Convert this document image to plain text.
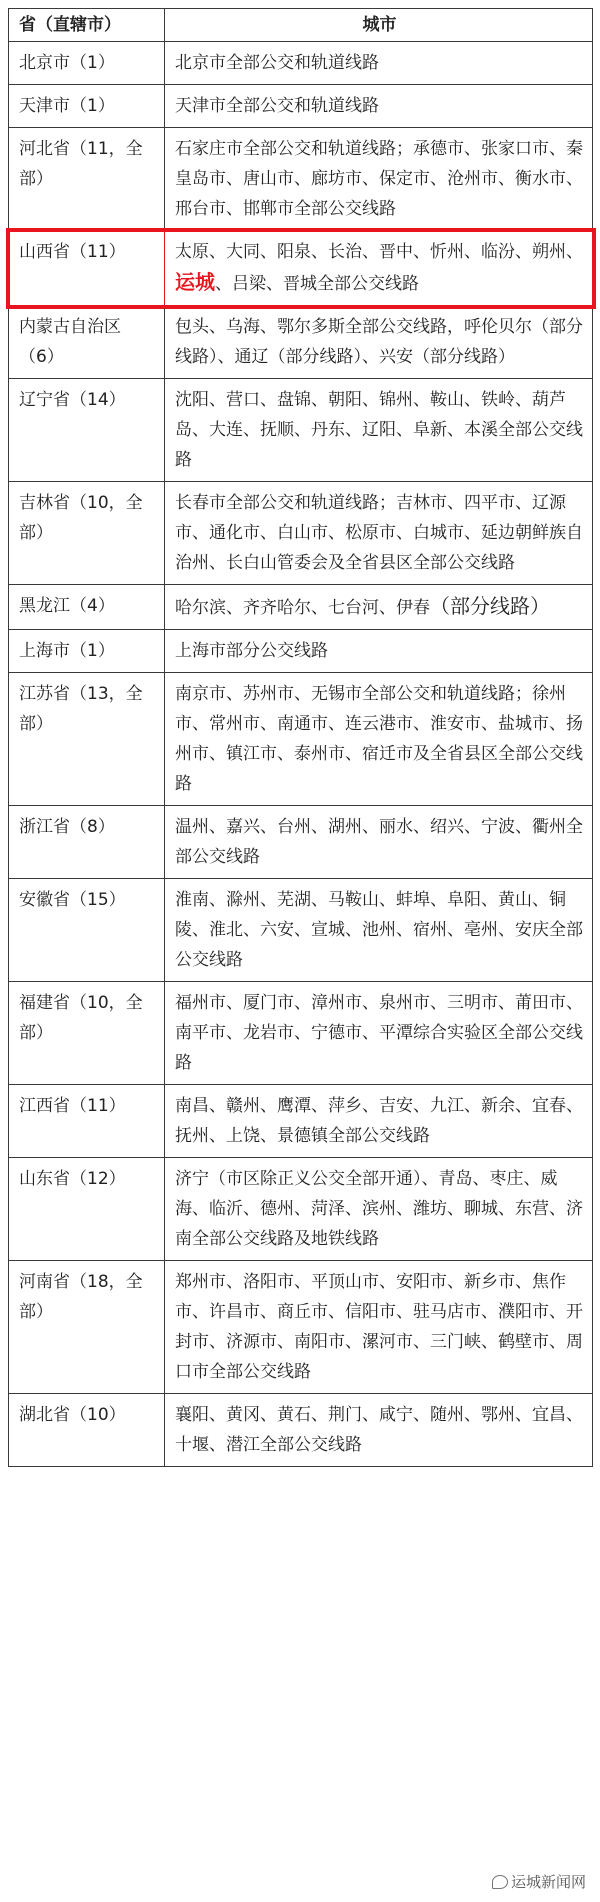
省（直辖市）	城市
北京市（1）	北京市全部公交和轨道线路
天津市（1）	天津市全部公交和轨道线路
河北省（11，全部）	石家庄市全部公交和轨道线路；承德市、张家口市、秦皇岛市、唐山市、廊坊市、保定市、沧州市、衡水市、邢台市、邯郸市全部公交线路
山西省（11）	太原、大同、阳泉、长治、晋中、忻州、临汾、朔州、运城、吕梁、晋城全部公交线路
内蒙古自治区（6）	包头、乌海、鄂尔多斯全部公交线路，呼伦贝尔（部分线路）、通辽（部分线路）、兴安（部分线路）
辽宁省（14）	沈阳、营口、盘锦、朝阳、锦州、鞍山、铁岭、葫芦岛、大连、抚顺、丹东、辽阳、阜新、本溪全部公交线路
吉林省（10，全部）	长春市全部公交和轨道线路；吉林市、四平市、辽源市、通化市、白山市、松原市、白城市、延边朝鲜族自治州、长白山管委会及全省县区全部公交线路
黑龙江（4）	哈尔滨、齐齐哈尔、七台河、伊春（部分线路）
上海市（1）	上海市部分公交线路
江苏省（13，全部）	南京市、苏州市、无锡市全部公交和轨道线路；徐州市、常州市、南通市、连云港市、淮安市、盐城市、扬州市、镇江市、泰州市、宿迁市及全省县区全部公交线路
浙江省（8）	温州、嘉兴、台州、湖州、丽水、绍兴、宁波、衢州全部公交线路
安徽省（15）	淮南、滁州、芜湖、马鞍山、蚌埠、阜阳、黄山、铜陵、淮北、六安、宣城、池州、宿州、亳州、安庆全部公交线路
福建省（10，全部）	福州市、厦门市、漳州市、泉州市、三明市、莆田市、南平市、龙岩市、宁德市、平潭综合实验区全部公交线路
江西省（11）	南昌、赣州、鹰潭、萍乡、吉安、九江、新余、宜春、抚州、上饶、景德镇全部公交线路
山东省（12）	济宁（市区除正义公交全部开通）、青岛、枣庄、威海、临沂、德州、菏泽、滨州、潍坊、聊城、东营、济南全部公交线路及地铁线路
河南省（18，全部）	郑州市、洛阳市、平顶山市、安阳市、新乡市、焦作市、许昌市、商丘市、信阳市、驻马店市、濮阳市、开封市、济源市、南阳市、漯河市、三门峡、鹤壁市、周口市全部公交线路
湖北省（10）	襄阳、黄冈、黄石、荆门、咸宁、随州、鄂州、宜昌、十堰、潜江全部公交线路
运城新闻网
